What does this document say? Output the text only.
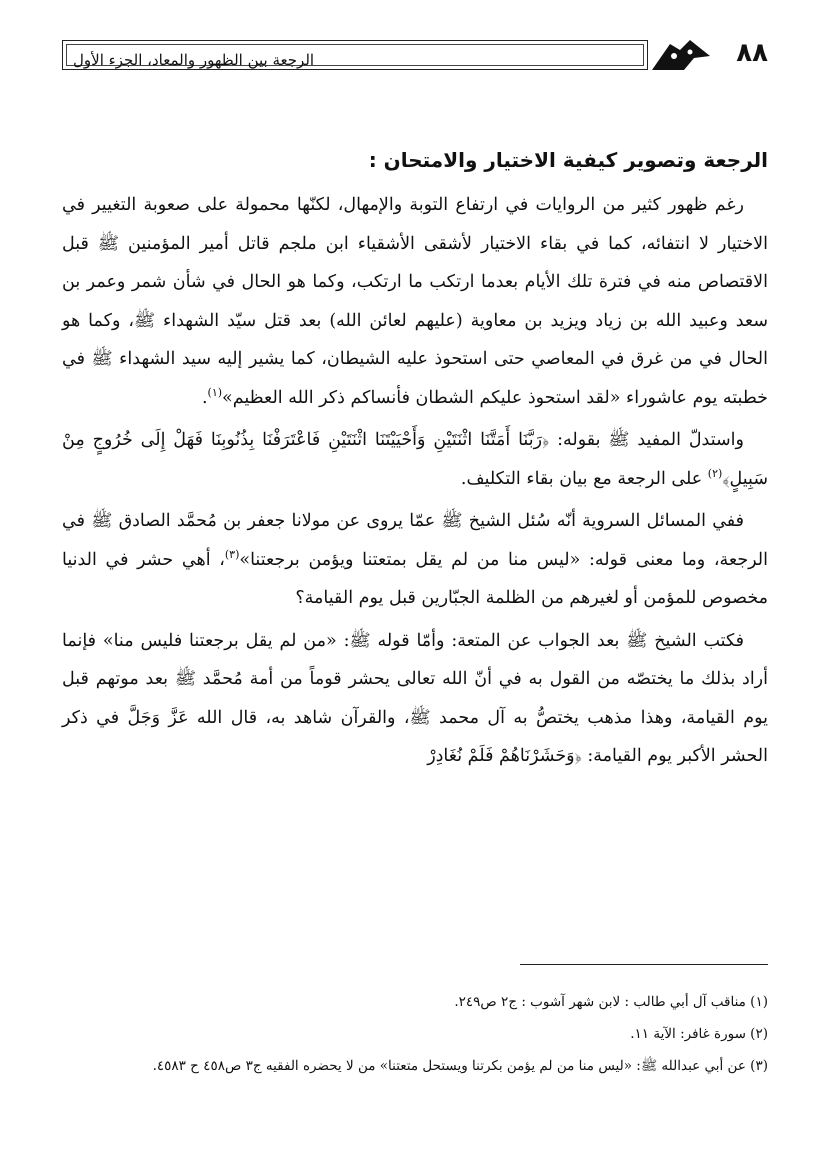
الرجعة بين الظهور والمعاد، الجزء الأول	٨٨
الرجعة وتصوير كيفية الاختيار والامتحان :

رغم ظهور كثير من الروايات في ارتفاع التوبة والإمهال، لكنّها محمولة على صعوبة التغيير في الاختيار لا انتفائه، كما في بقاء الاختيار لأشقى الأشقياء ابن ملجم قاتل أمير المؤمنين ﷺ قبل الاقتصاص منه في فترة تلك الأيام بعدما ارتكب ما ارتكب، وكما هو الحال في شأن شمر وعمر بن سعد وعبيد الله بن زياد ويزيد بن معاوية (عليهم لعائن الله) بعد قتل سيّد الشهداء ﷺ، وكما هو الحال في من غرق في المعاصي حتى استحوذ عليه الشيطان، كما يشير إليه سيد الشهداء ﷺ في خطبته يوم عاشوراء «لقد استحوذ عليكم الشطان فأنساكم ذكر الله العظيم»$^{(١)}$.

واستدلّ المفيد ﷺ بقوله: ﴿رَبَّنَا أَمَتَّنَا اثْنَتَيْنِ وَأَحْيَيْتَنَا اثْنَتَيْنِ فَاعْتَرَفْنَا بِذُنُوبِنَا فَهَلْ إِلَى خُرُوجٍ مِنْ سَبِيلٍ﴾$^{(٢)}$ على الرجعة مع بيان بقاء التكليف.

ففي المسائل السروية أنّه سُئل الشيخ ﷺ عمّا يروى عن مولانا جعفر بن مُحمَّد الصادق ﷺ في الرجعة، وما معنى قوله: «ليس منا من لم يقل بمتعتنا ويؤمن برجعتنا»$^{(٣)}$، أهي حشر في الدنيا مخصوص للمؤمن أو لغيرهم من الظلمة الجبّارين قبل يوم القيامة؟

فكتب الشيخ ﷺ بعد الجواب عن المتعة: وأمّا قوله ﷺ: «من لم يقل برجعتنا فليس منا» فإنما أراد بذلك ما يختصّه من القول به في أنّ الله تعالى يحشر قوماً من أمة مُحمَّد ﷺ بعد موتهم قبل يوم القيامة، وهذا مذهب يختصُّ به آل محمد ﷺ، والقرآن شاهد به، قال الله عَزَّ وَجَلَّ في ذكر الحشر الأكبر يوم القيامة: ﴿وَحَشَرْنَاهُمْ فَلَمْ نُغَادِرْ

(١) مناقب آل أبي طالب : لابن شهر آشوب : ج٢ ص٢٤٩.

(٢) سورة غافر: الآية ١١.

(٣) عن أبي عبدالله ﷺ: «ليس منا من لم يؤمن بكرتنا ويستحل متعتنا» من لا يحضره الفقيه ج٣ ص٤٥٨ ح ٤٥٨٣.
